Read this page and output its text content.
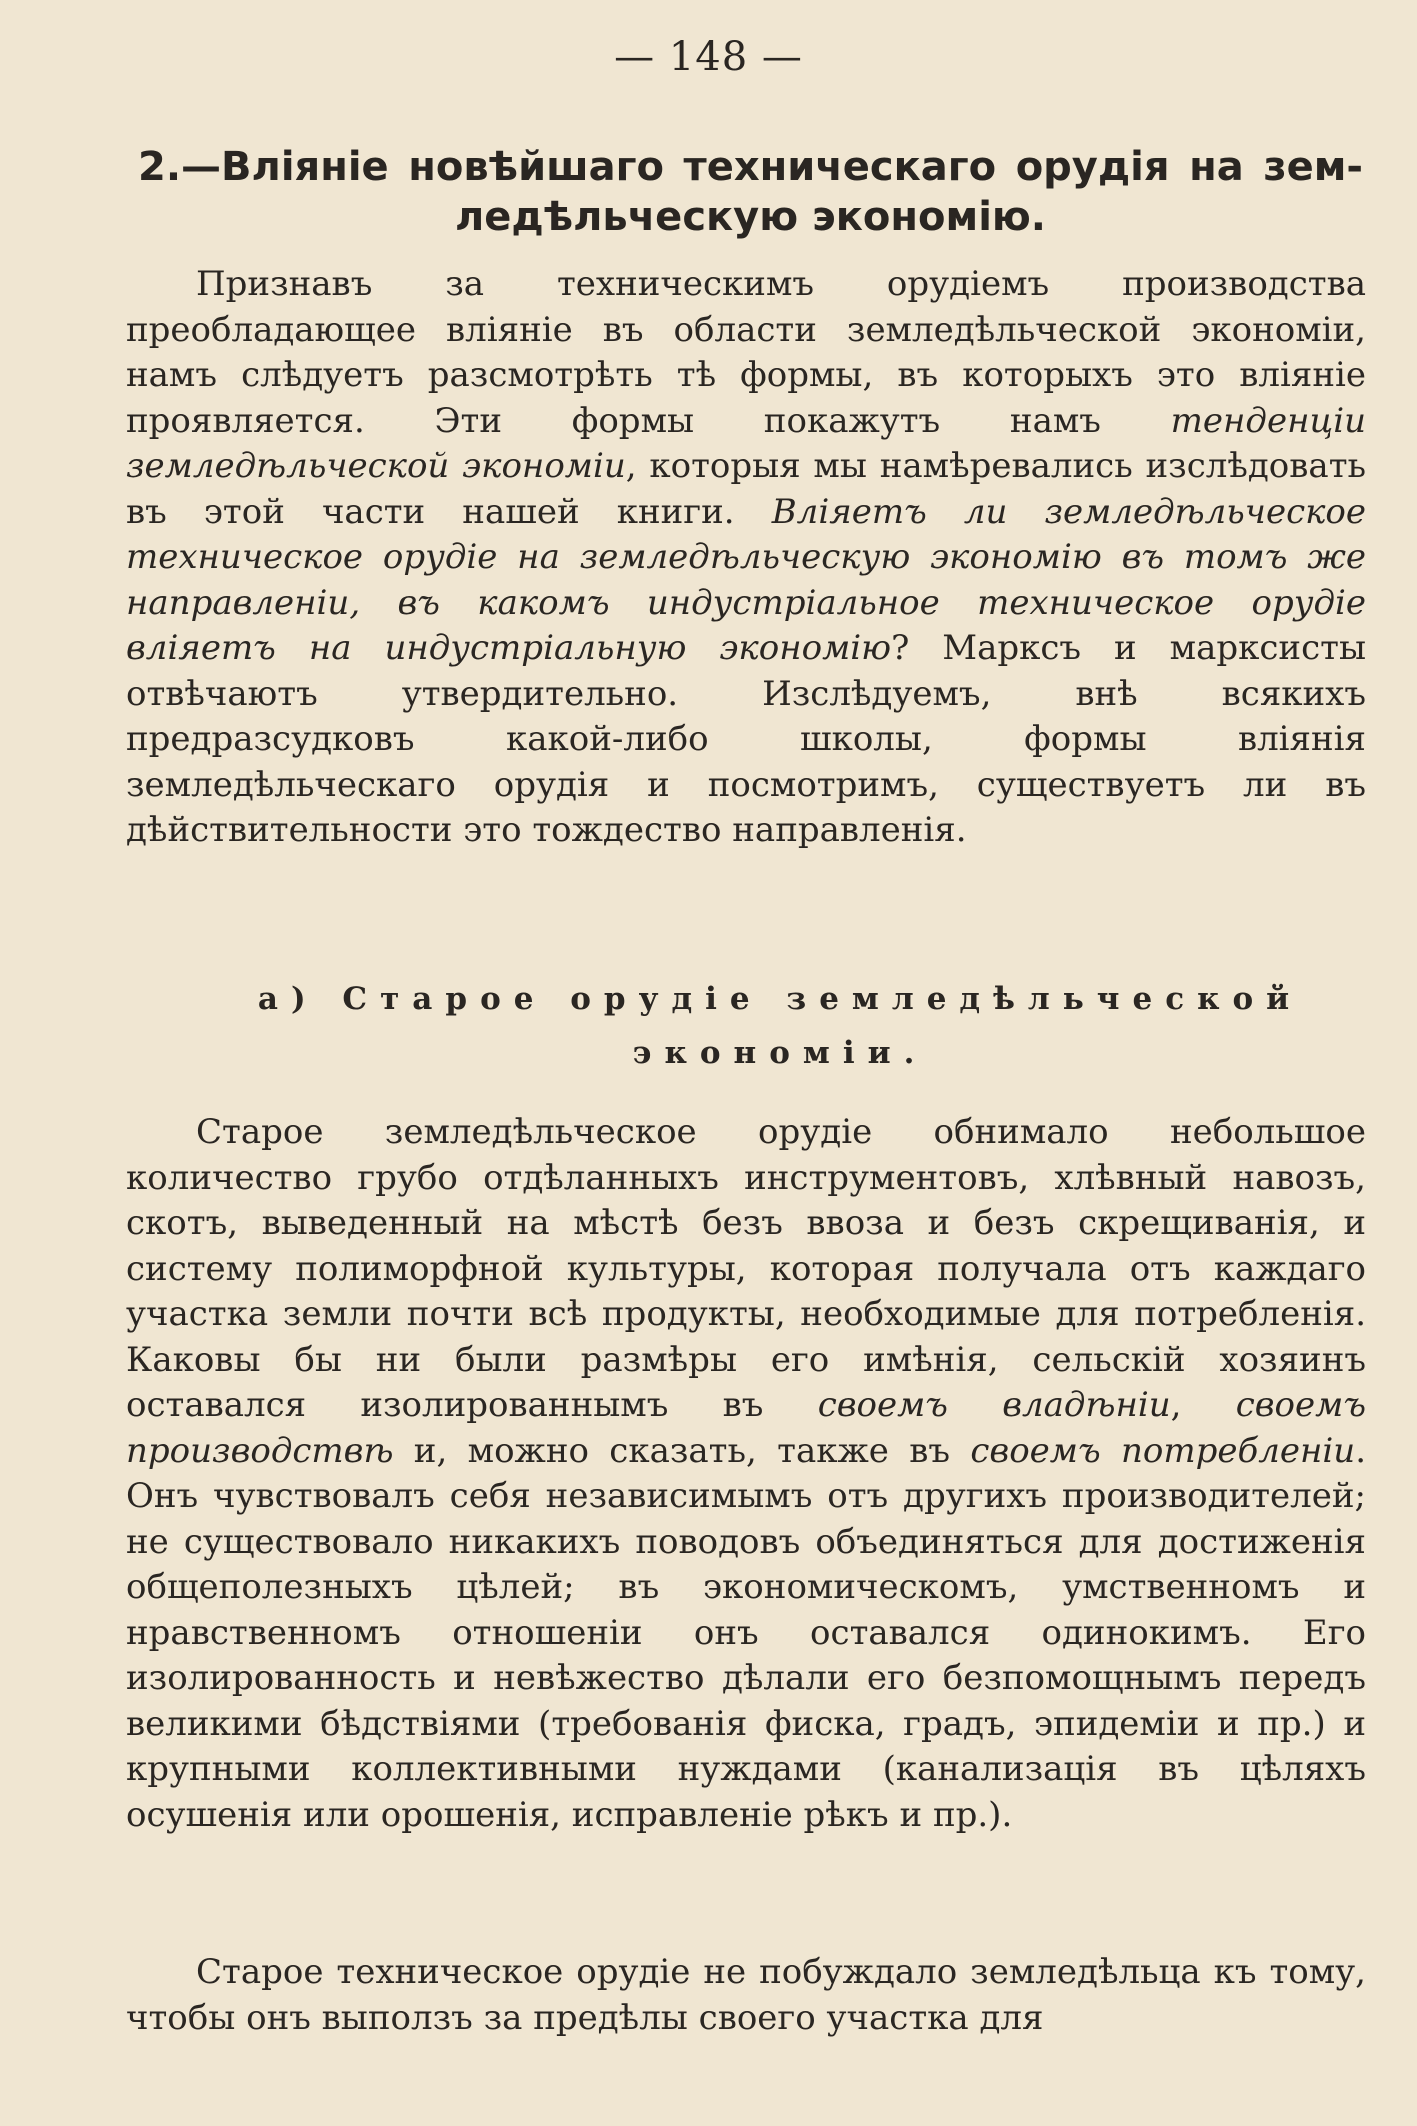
— 148 —
2.—Вліяніе новѣйшаго техническаго орудія на зем-
ледѣльческую экономію.

Признавъ за техническимъ орудіемъ производства преобладающее вліяніе въ области земледѣльческой экономіи, намъ слѣдуетъ разсмотрѣть тѣ формы, въ которыхъ это вліяніе проявляется. Эти формы покажутъ намъ тенденціи земледѣльческой экономіи, которыя мы намѣревались изслѣдовать въ этой части нашей книги. Вліяетъ ли земледѣльческое техническое орудіе на земледѣльческую экономію въ томъ же направленіи, въ какомъ индустріальное техническое орудіе вліяетъ на индустріальную экономію? Марксъ и марксисты отвѣчаютъ утвердительно. Изслѣдуемъ, внѣ всякихъ предразсудковъ какой-либо школы, формы вліянія земледѣльческаго орудія и посмотримъ, существуетъ ли въ дѣйствительности это тождество направленія.

а) Старое орудіе земледѣльческой экономіи.

Старое земледѣльческое орудіе обнимало небольшое количество грубо отдѣланныхъ инструментовъ, хлѣвный навозъ, скотъ, выведенный на мѣстѣ безъ ввоза и безъ скрещиванія, и систему полиморфной культуры, которая получала отъ каждаго участка земли почти всѣ продукты, необходимые для потребленія. Каковы бы ни были размѣры его имѣнія, сельскій хозяинъ оставался изолированнымъ въ своемъ владѣніи, своемъ производствѣ и, можно сказать, также въ своемъ потребленіи. Онъ чувствовалъ себя независимымъ отъ другихъ производителей; не существовало никакихъ поводовъ объединяться для достиженія общеполезныхъ цѣлей; въ экономическомъ, умственномъ и нравственномъ отношеніи онъ оставался одинокимъ. Его изолированность и невѣжество дѣлали его безпомощнымъ передъ великими бѣдствіями (требованія фиска, градъ, эпидеміи и пр.) и крупными коллективными нуждами (канализація въ цѣляхъ осушенія или орошенія, исправленіе рѣкъ и пр.).

Старое техническое орудіе не побуждало земледѣльца къ тому, чтобы онъ выползъ за предѣлы своего участка для
